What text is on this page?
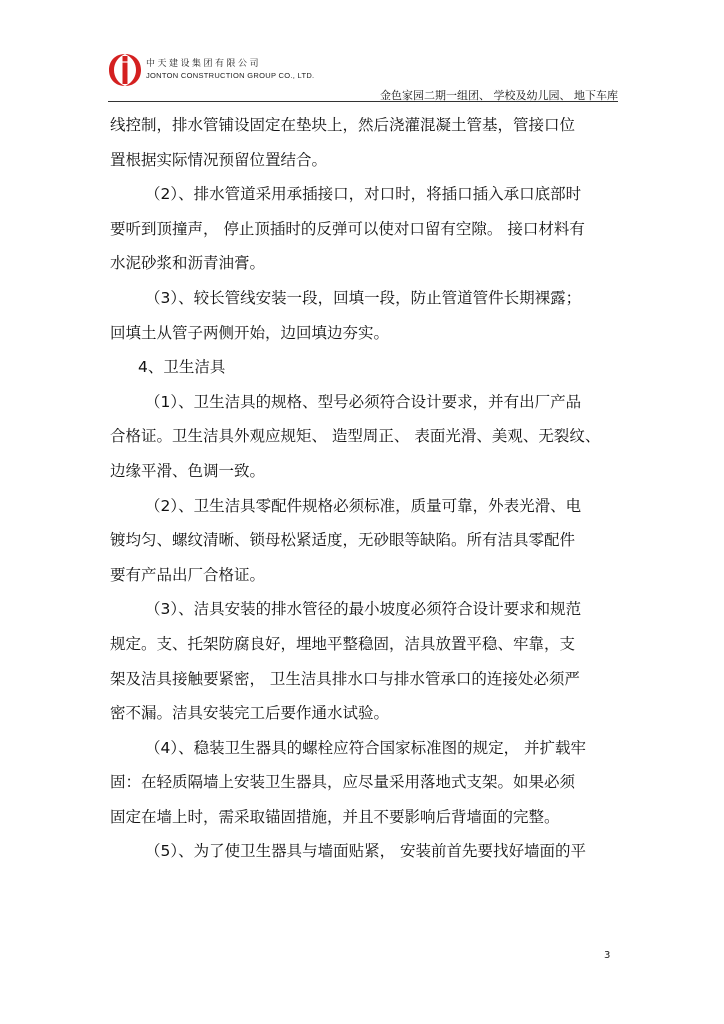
中天建设集团有限公司
JONTON CONSTRUCTION GROUP CO., LTD.
金色家园二期一组团、 学校及幼儿园、 地下车库
线控制，排水管铺设固定在垫块上，然后浇灌混凝土管基，管接口位
置根据实际情况预留位置结合。
（2）、排水管道采用承插接口，对口时，将插口插入承口底部时
要听到顶撞声， 停止顶插时的反弹可以使对口留有空隙。 接口材料有
水泥砂浆和沥青油膏。
（3）、较长管线安装一段，回填一段，防止管道管件长期裸露；
回填土从管子两侧开始，边回填边夯实。
4、卫生洁具
（1）、卫生洁具的规格、型号必须符合设计要求，并有出厂产品
合格证。卫生洁具外观应规矩、 造型周正、 表面光滑、美观、无裂纹、
边缘平滑、色调一致。
（2）、卫生洁具零配件规格必须标准，质量可靠，外表光滑、电
镀均匀、螺纹清晰、锁母松紧适度，无砂眼等缺陷。所有洁具零配件
要有产品出厂合格证。
（3）、洁具安装的排水管径的最小坡度必须符合设计要求和规范
规定。支、托架防腐良好，埋地平整稳固，洁具放置平稳、牢靠，支
架及洁具接触要紧密， 卫生洁具排水口与排水管承口的连接处必须严
密不漏。洁具安装完工后要作通水试验。
（4）、稳装卫生器具的螺栓应符合国家标准图的规定， 并扩载牢
固：在轻质隔墙上安装卫生器具，应尽量采用落地式支架。如果必须
固定在墙上时，需采取锚固措施，并且不要影响后背墙面的完整。
（5）、为了使卫生器具与墙面贴紧， 安装前首先要找好墙面的平
3
